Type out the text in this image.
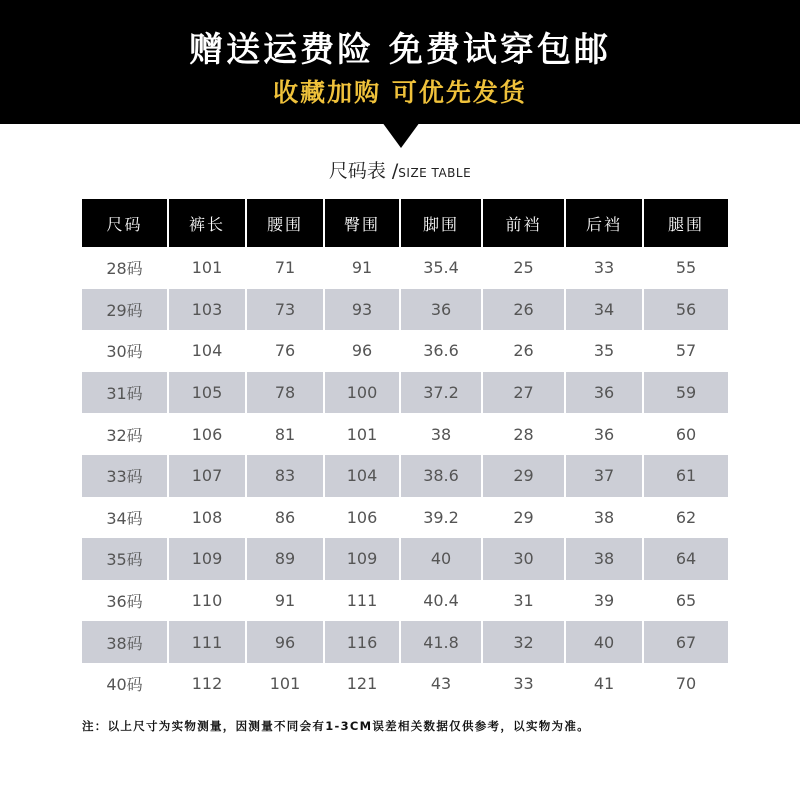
赠送运费险 免费试穿包邮
收藏加购 可优先发货
尺码表 /SIZE TABLE
尺码	裤长	腰围	臀围	脚围	前裆	后裆	腿围
28码	101	71	91	35.4	25	33	55
29码	103	73	93	36	26	34	56
30码	104	76	96	36.6	26	35	57
31码	105	78	100	37.2	27	36	59
32码	106	81	101	38	28	36	60
33码	107	83	104	38.6	29	37	61
34码	108	86	106	39.2	29	38	62
35码	109	89	109	40	30	38	64
36码	110	91	111	40.4	31	39	65
38码	111	96	116	41.8	32	40	67
40码	112	101	121	43	33	41	70
注：以上尺寸为实物测量，因测量不同会有1-3CM误差相关数据仅供参考，以实物为准。
